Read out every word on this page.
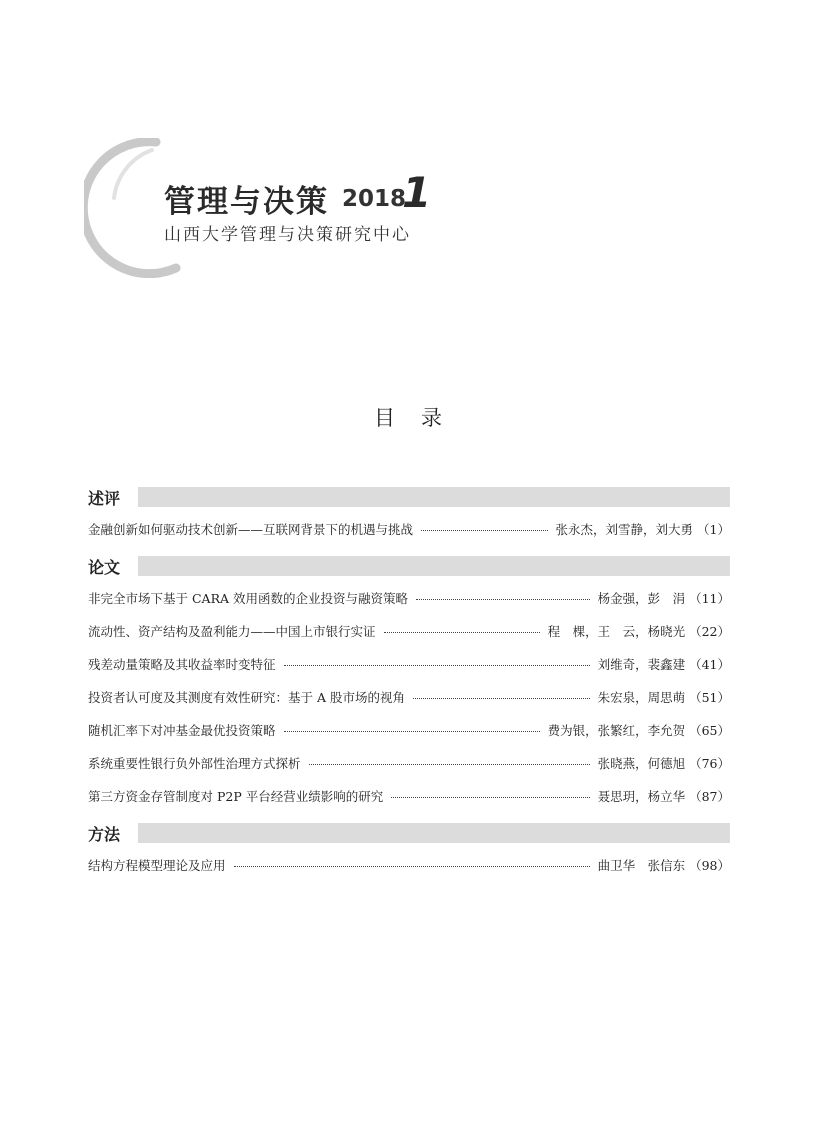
管理与决策 2018
1
山西大学管理与决策研究中心
目录
述评
金融创新如何驱动技术创新——互联网背景下的机遇与挑战	张永杰，刘雪静，刘大勇 （1）
论文
非完全市场下基于 CARA 效用函数的企业投资与融资策略	杨金强，彭　涓 （11）
流动性、资产结构及盈利能力——中国上市银行实证	程　棵，王　云，杨晓光 （22）
残差动量策略及其收益率时变特征	刘维奇，裴鑫建 （41）
投资者认可度及其测度有效性研究：基于 A 股市场的视角	朱宏泉，周思萌 （51）
随机汇率下对冲基金最优投资策略	费为银，张繁红，李允贺 （65）
系统重要性银行负外部性治理方式探析	张晓燕，何德旭 （76）
第三方资金存管制度对 P2P 平台经营业绩影响的研究	聂思玥，杨立华 （87）
方法
结构方程模型理论及应用	曲卫华　张信东 （98）
